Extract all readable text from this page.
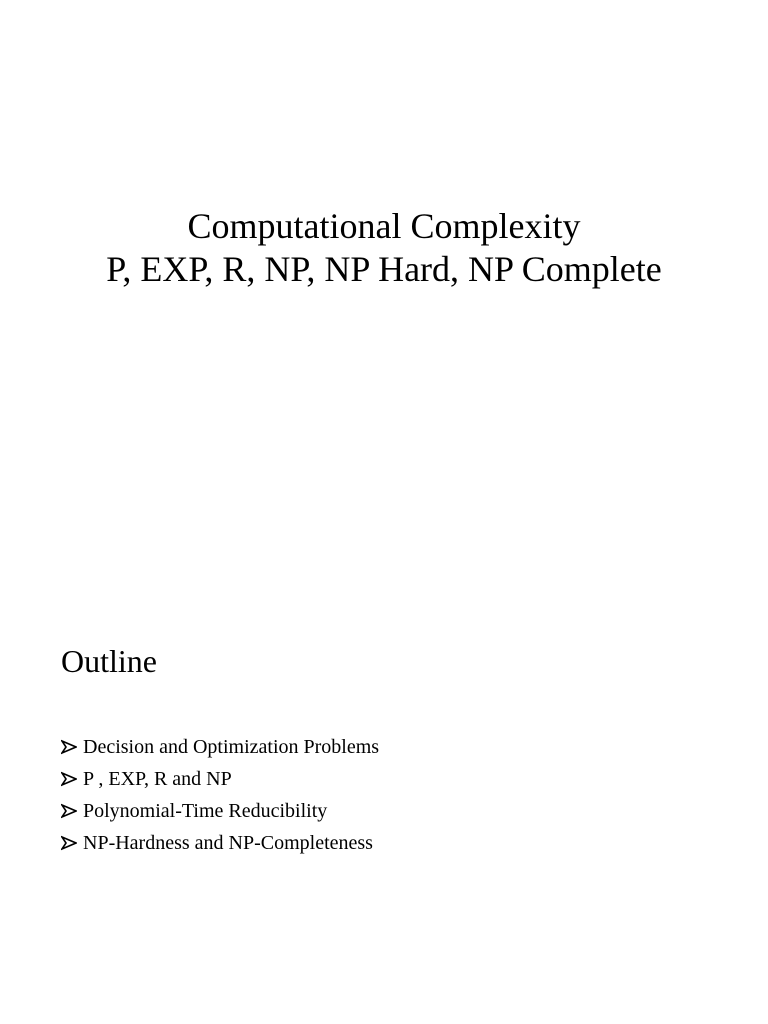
Computational Complexity
P, EXP, R, NP, NP Hard, NP Complete
Outline
Decision and Optimization Problems
P , EXP, R and NP
Polynomial-Time Reducibility
NP-Hardness and NP-Completeness
